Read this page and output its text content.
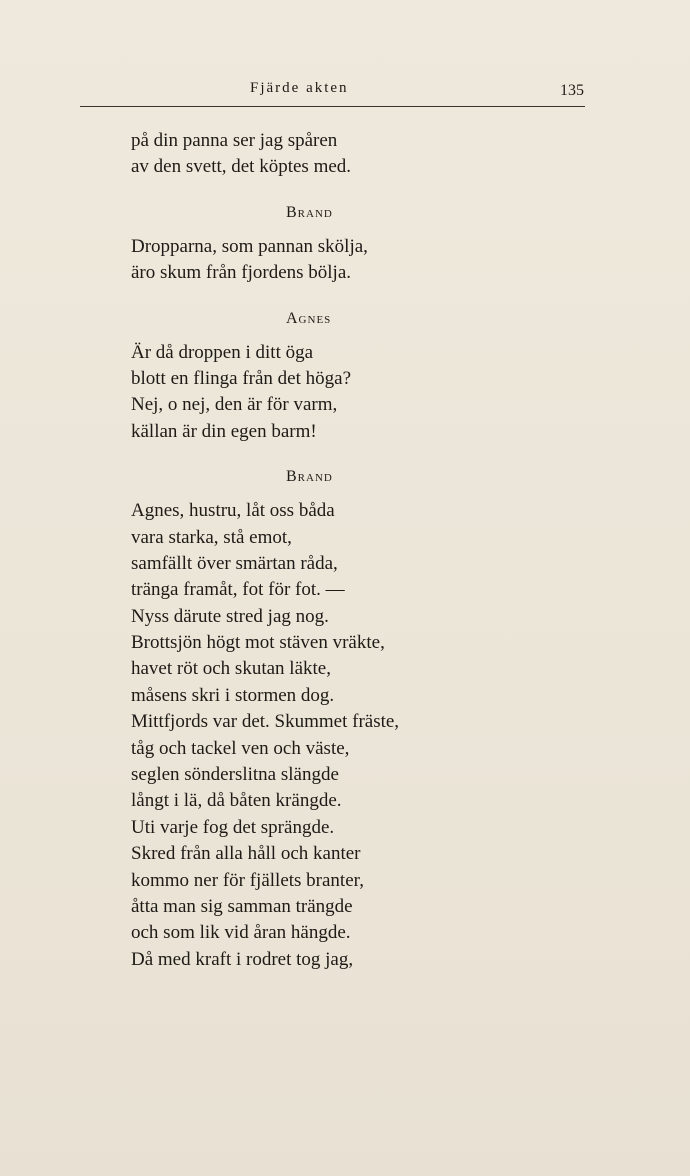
Fjärde akten	135
på din panna ser jag spåren
av den svett, det köptes med.
Brand
Dropparna, som pannan skölja,
äro skum från fjordens bölja.
Agnes
Är då droppen i ditt öga
blott en flinga från det höga?
Nej, o nej, den är för varm,
källan är din egen barm!
Brand
Agnes, hustru, låt oss båda
vara starka, stå emot,
samfällt över smärtan råda,
tränga framåt, fot för fot. —
Nyss därute stred jag nog.
Brottsjön högt mot stäven vräkte,
havet röt och skutan läkte,
måsens skri i stormen dog.
Mittfjords var det. Skummet fräste,
tåg och tackel ven och väste,
seglen sönderslitna slängde
långt i lä, då båten krängde.
Uti varje fog det sprängde.
Skred från alla håll och kanter
kommo ner för fjällets branter,
åtta man sig samman trängde
och som lik vid åran hängde.
Då med kraft i rodret tog jag,
